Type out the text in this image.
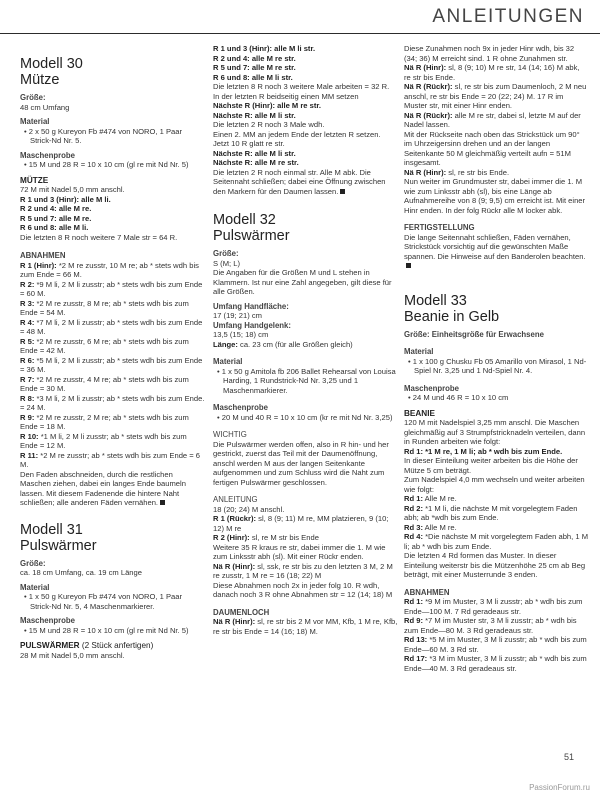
ANLEITUNGEN
Modell 30
Mütze
Größe:

48 cm Umfang

Material

• 2 x 50 g Kureyon Fb #474 von NORO, 1 Paar Strick-Nd Nr. 5.

Maschenprobe

• 15 M und 28 R = 10 x 10 cm (gl re mit Nd Nr. 5)

MÜTZE

72 M mit Nadel 5,0 mm anschl.

R 1 und 3 (Hinr): alle M li.

R 2 und 4: alle M re.

R 5 und 7: alle M re.

R 6 und 8: alle M li.

Die letzten 8 R noch weitere 7 Male str = 64 R.

ABNAHMEN

R 1 (Hinr): *2 M re zusstr, 10 M re; ab * stets wdh bis zum Ende = 66 M.

R 2: *9 M li, 2 M li zusstr; ab * stets wdh bis zum Ende = 60 M.

R 3: *2 M re zusstr, 8 M re; ab * stets wdh bis zum Ende = 54 M.

R 4: *7 M li, 2 M li zusstr; ab * stets wdh bis zum Ende = 48 M.

R 5: *2 M re zusstr, 6 M re; ab * stets wdh bis zum Ende = 42 M.

R 6: *5 M li, 2 M li zusstr; ab * stets wdh bis zum Ende = 36 M.

R 7: *2 M re zusstr, 4 M re; ab * stets wdh bis zum Ende = 30 M.

R 8: *3 M li, 2 M li zusstr; ab * stets wdh bis zum Ende. = 24 M.

R 9: *2 M re zusstr, 2 M re; ab * stets wdh bis zum Ende = 18 M.

R 10: *1 M li, 2 M li zusstr; ab * stets wdh bis zum Ende = 12 M.

R 11: *2 M re zusstr; ab * stets wdh bis zum Ende = 6 M.

Den Faden abschneiden, durch die restlichen Maschen ziehen, dabei ein langes Ende baumeln lassen. Mit diesem Fadenende die hintere Naht schließen; alle anderen Fäden vernähen.

Modell 31
Pulswärmer
Größe:

ca. 18 cm Umfang, ca. 19 cm Länge

Material

• 1 x 50 g Kureyon Fb #474 von NORO, 1 Paar Strick-Nd Nr. 5, 4 Maschenmarkierer.

Maschenprobe

• 15 M und 28 R = 10 x 10 cm (gl re mit Nd Nr. 5)

PULSWÄRMER (2 Stück anfertigen)

28 M mit Nadel 5,0 mm anschl.

R 1 und 3 (Hinr): alle M li str.

R 2 und 4: alle M re str.

R 5 und 7: alle M re str.

R 6 und 8: alle M li str.

Die letzten 8 R noch 3 weitere Male arbeiten = 32 R.

In der letzten R beidseitig einen MM setzen

Nächste R (Hinr): alle M re str.

Nächste R: alle M li str.

Die letzten 2 R noch 3 Male wdh.

Einen 2. MM an jedem Ende der letzten R setzen. Jetzt 10 R glatt re str.

Nächste R: alle M li str.

Nächste R: alle M re str.

Die letzten 2 R noch einmal str. Alle M abk. Die Seitennaht schließen; dabei eine Öffnung zwischen den Markern für den Daumen lassen.

Modell 32
Pulswärmer
Größe:

S (M; L)

Die Angaben für die Größen M und L stehen in Klammern. Ist nur eine Zahl angegeben, gilt diese für alle Größen.

Umfang Handfläche:

17 (19; 21) cm

Umfang Handgelenk:

13,5 (15; 18) cm

Länge: ca. 23 cm (für alle Größen gleich)

Material

• 1 x 50 g Amitola fb 206 Ballet Rehearsal von Louisa Harding, 1 Rundstrick-Nd Nr. 3,25 und 1 Maschenmarkierer.

Maschenprobe

• 20 M und 40 R = 10 x 10 cm (kr re mit Nd Nr. 3,25)

WICHTIG

Die Pulswärmer werden offen, also in R hin- und her gestrickt, zuerst das Teil mit der Daumenöffnung, anschl werden M aus der langen Seitenkante aufgenommen und zum Schluss wird die Naht zum fertigen Pulswärmer geschlossen.

ANLEITUNG

18 (20; 24) M anschl.

R 1 (Rückr): sl, 8 (9; 11) M re, MM platzieren, 9 (10; 12) M re

R 2 (Hinr): sl, re M str bis Ende

Weitere 35 R kraus re str, dabei immer die 1. M wie zum Linksstr abh (sl). Mit einer Rückr enden.

Nä R (Hinr): sl, ssk, re str bis zu den letzten 3 M, 2 M re zusstr, 1 M re = 16 (18; 22) M

Diese Abnahmen noch 2x in jeder folg 10. R wdh, danach noch 3 R ohne Abnahmen str = 12 (14; 18) M

DAUMENLOCH

Nä R (Hinr): sl, re str bis 2 M vor MM, Kfb, 1 M re, Kfb, re str bis Ende = 14 (16; 18) M.

Diese Zunahmen noch 9x in jeder Hinr wdh, bis 32 (34; 36) M erreicht sind. 1 R ohne Zunahmen str.

Nä R (Hinr): sl, 8 (9; 10) M re str, 14 (14; 16) M abk, re str bis Ende.

Nä R (Rückr): sl, re str bis zum Daumenloch, 2 M neu anschl, re str bis Ende = 20 (22; 24) M. 17 R im Muster str, mit einer Hinr enden.

Nä R (Rückr): alle M re str, dabei sl, letzte M auf der Nadel lassen.

Mit der Rückseite nach oben das Strickstück um 90° im Uhrzeigersinn drehen und an der langen Seitenkante 50 M gleichmäßig verteilt aufn = 51M insgesamt.

Nä R (Hinr): sl, re str bis Ende.

Nun weiter im Grundmuster str, dabei immer die 1. M wie zum Linksstr abh (sl), bis eine Länge ab Aufnahmereihe von 8 (9; 9,5) cm erreicht ist. Mit einer Hinr enden. In der folg Rückr alle M locker abk.

FERTIGSTELLUNG

Die lange Seitennaht schließen, Fäden vernähen, Strickstück vorsichtig auf die gewünschten Maße spannen. Die Hinweise auf den Banderolen beachten.

Modell 33
Beanie in Gelb
Größe: Einheitsgröße für Erwachsene
Material

• 1 x 100 g Chusku Fb 05 Amarillo von Mirasol, 1 Nd-Spiel Nr. 3,25 und 1 Nd-Spiel Nr. 4.

Maschenprobe

• 24 M und 46 R = 10 x 10 cm

BEANIE

120 M mit Nadelspiel 3,25 mm anschl. Die Maschen gleichmäßig auf 3 Strumpfstricknadeln verteilen, dann in Runden arbeiten wie folgt:

Rd 1: *1 M re, 1 M li; ab * wdh bis zum Ende.

In dieser Einteilung weiter arbeiten bis die Höhe der Mütze 5 cm beträgt.

Zum Nadelspiel 4,0 mm wechseln und weiter arbeiten wie folgt:

Rd 1: Alle M re.

Rd 2: *1 M li, die nächste M mit vorgelegtem Faden abh; ab *wdh bis zum Ende.

Rd 3: Alle M re.

Rd 4: *Die nächste M mit vorgelegtem Faden abh, 1 M li; ab * wdh bis zum Ende.

Die letzten 4 Rd formen das Muster. In dieser Einteilung weiterstr bis die Mützenhöhe 25 cm ab Beg beträgt, mit einer Musterrunde 3 enden.

ABNAHMEN

Rd 1: *9 M im Muster, 3 M li zusstr; ab * wdh bis zum Ende—100 M. 7 Rd geradeaus str.

Rd 9: *7 M im Muster str, 3 M li zusstr; ab * wdh bis zum Ende—80 M. 3 Rd geradeaus str.

Rd 13: *5 M im Muster, 3 M li zusstr; ab * wdh bis zum Ende—60 M. 3 Rd str.

Rd 17: *3 M im Muster, 3 M li zusstr; ab * wdh bis zum Ende—40 M. 3 Rd geradeaus str.

51
PassionForum.ru
